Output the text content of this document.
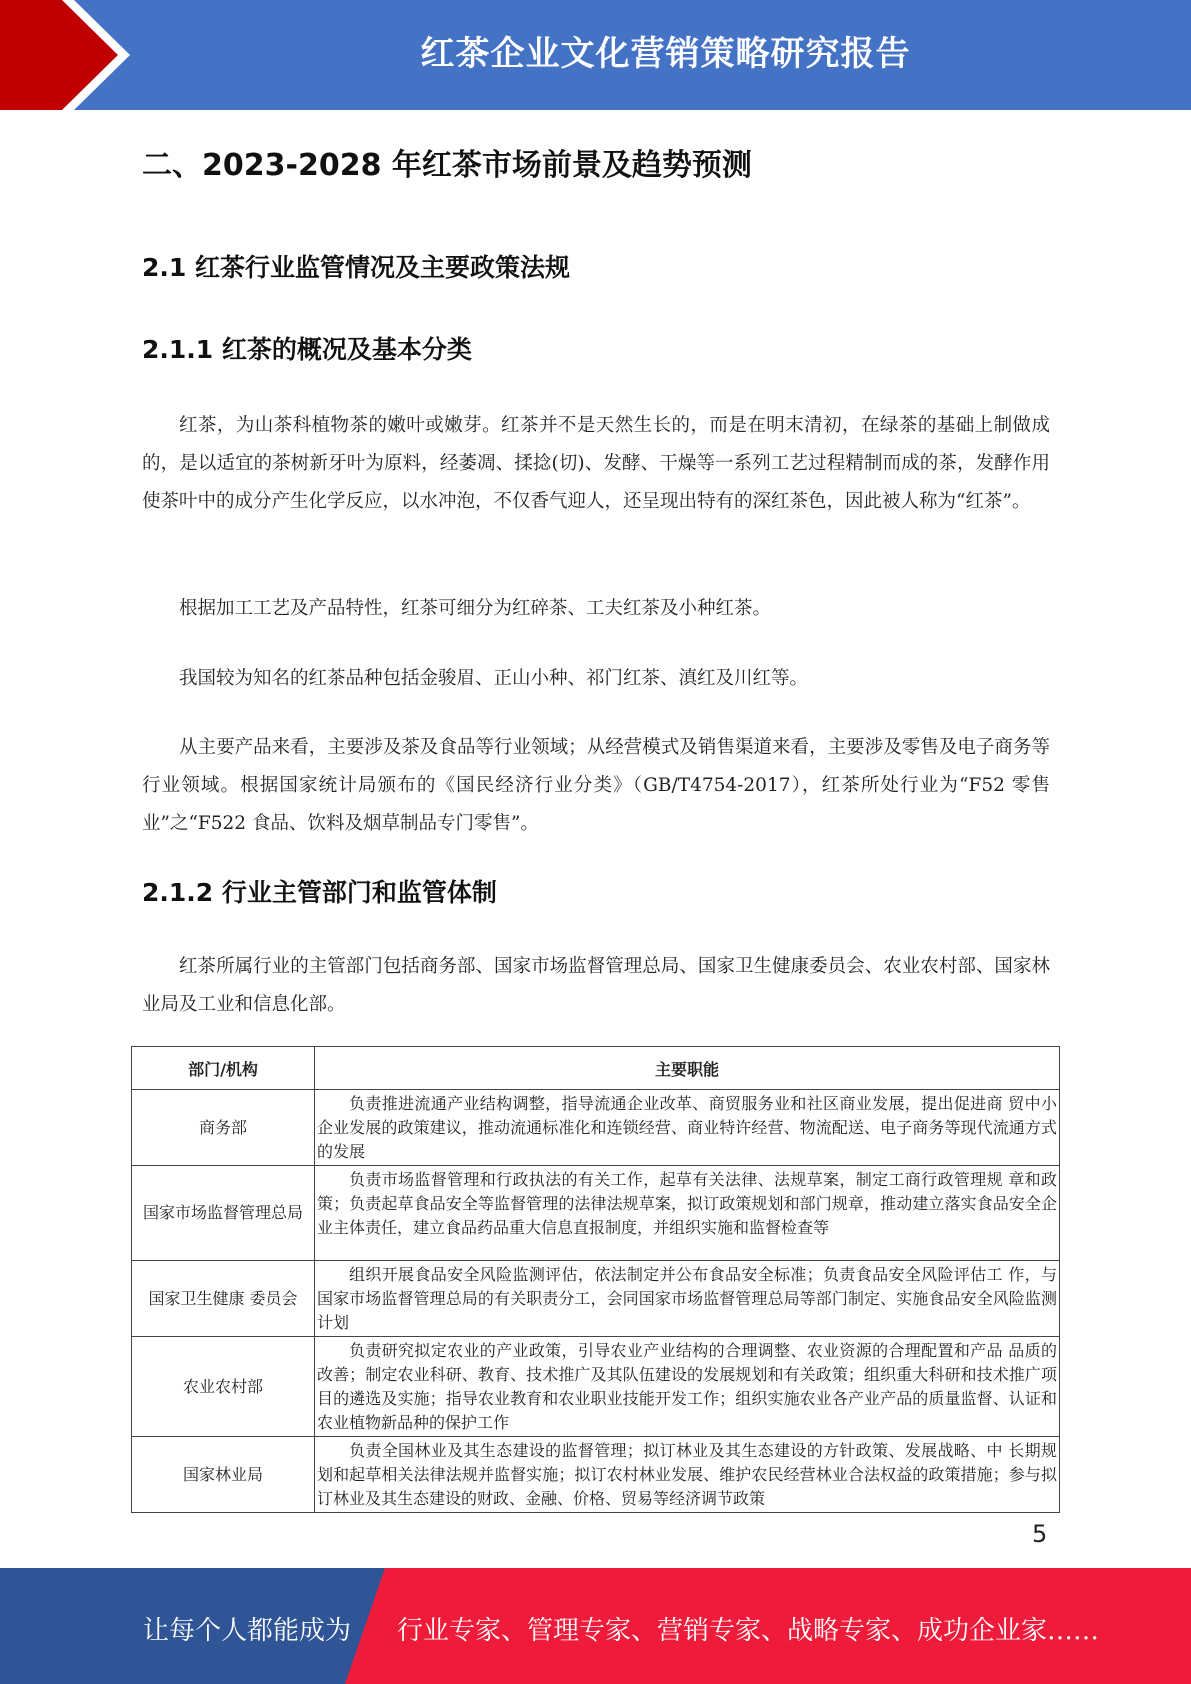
红茶企业文化营销策略研究报告
二、2023-2028 年红茶市场前景及趋势预测
2.1 红茶行业监管情况及主要政策法规
2.1.1 红茶的概况及基本分类

红茶，为山茶科植物茶的嫩叶或嫩芽。红茶并不是天然生长的，而是在明末清初，在绿茶的基础上制做成的，是以适宜的茶树新牙叶为原料，经萎凋、揉捻(切)、发酵、干燥等一系列工艺过程精制而成的茶，发酵作用使茶叶中的成分产生化学反应，以水冲泡，不仅香气迎人，还呈现出特有的深红茶色，因此被人称为“红茶”。

根据加工工艺及产品特性，红茶可细分为红碎茶、工夫红茶及小种红茶。

我国较为知名的红茶品种包括金骏眉、正山小种、祁门红茶、滇红及川红等。

从主要产品来看，主要涉及茶及食品等行业领域；从经营模式及销售渠道来看，主要涉及零售及电子商务等行业领域。根据国家统计局颁布的《国民经济行业分类》（GB/T4754-2017），红茶所处行业为“F52 零售业”之“F522 食品、饮料及烟草制品专门零售”。

2.1.2 行业主管部门和监管体制

红茶所属行业的主管部门包括商务部、国家市场监督管理总局、国家卫生健康委员会、农业农村部、国家林业局及工业和信息化部。

部门/机构	主要职能
商务部	负责推进流通产业结构调整，指导流通企业改革、商贸服务业和社区商业发展，提出促进商 贸中小企业发展的政策建议，推动流通标准化和连锁经营、商业特许经营、物流配送、电子商务等现代流通方式的发展
国家市场监督管理总局	负责市场监督管理和行政执法的有关工作，起草有关法律、法规草案，制定工商行政管理规 章和政策；负责起草食品安全等监督管理的法律法规草案，拟订政策规划和部门规章，推动建立落实食品安全企业主体责任，建立食品药品重大信息直报制度，并组织实施和监督检查等
国家卫生健康 委员会	组织开展食品安全风险监测评估，依法制定并公布食品安全标准；负责食品安全风险评估工 作，与国家市场监督管理总局的有关职责分工，会同国家市场监督管理总局等部门制定、实施食品安全风险监测计划
农业农村部	负责研究拟定农业的产业政策，引导农业产业结构的合理调整、农业资源的合理配置和产品 品质的改善；制定农业科研、教育、技术推广及其队伍建设的发展规划和有关政策；组织重大科研和技术推广项目的遴选及实施；指导农业教育和农业职业技能开发工作；组织实施农业各产业产品的质量监督、认证和农业植物新品种的保护工作
国家林业局	负责全国林业及其生态建设的监督管理；拟订林业及其生态建设的方针政策、发展战略、中 长期规划和起草相关法律法规并监督实施；拟订农村林业发展、维护农民经营林业合法权益的政策措施；参与拟订林业及其生态建设的财政、金融、价格、贸易等经济调节政策
5
让每个人都能成为 行业专家、管理专家、营销专家、战略专家、成功企业家……
